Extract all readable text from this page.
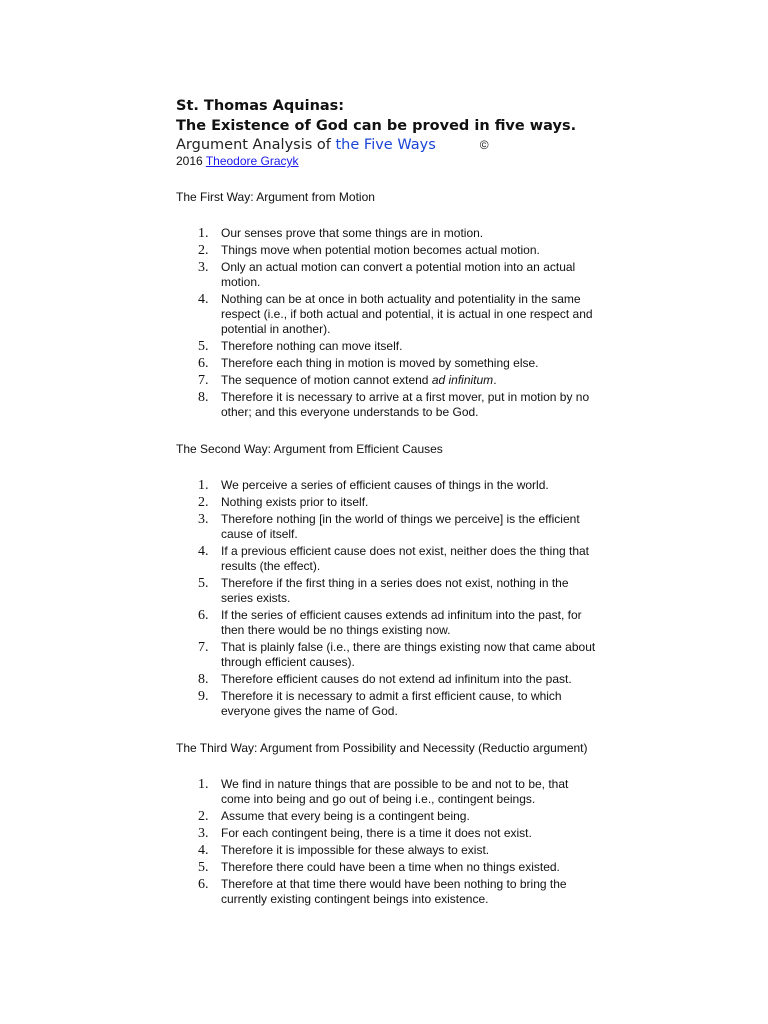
St. Thomas Aquinas:
The Existence of God can be proved in five ways.
Argument Analysis of the Five Ways	©
2016 Theodore Gracyk

The First Way: Argument from Motion

1. Our senses prove that some things are in motion.
2. Things move when potential motion becomes actual motion.
3. Only an actual motion can convert a potential motion into an actual motion.
4. Nothing can be at once in both actuality and potentiality in the same respect (i.e., if both actual and potential, it is actual in one respect and potential in another).
5. Therefore nothing can move itself.
6. Therefore each thing in motion is moved by something else.
7. The sequence of motion cannot extend ad infinitum.
8. Therefore it is necessary to arrive at a first mover, put in motion by no other; and this everyone understands to be God.

The Second Way: Argument from Efficient Causes

1. We perceive a series of efficient causes of things in the world.
2. Nothing exists prior to itself.
3. Therefore nothing [in the world of things we perceive] is the efficient cause of itself.
4. If a previous efficient cause does not exist, neither does the thing that results (the effect).
5. Therefore if the first thing in a series does not exist, nothing in the series exists.
6. If the series of efficient causes extends ad infinitum into the past, for then there would be no things existing now.
7. That is plainly false (i.e., there are things existing now that came about through efficient causes).
8. Therefore efficient causes do not extend ad infinitum into the past.
9. Therefore it is necessary to admit a first efficient cause, to which everyone gives the name of God.

The Third Way: Argument from Possibility and Necessity (Reductio argument)

1. We find in nature things that are possible to be and not to be, that come into being and go out of being i.e., contingent beings.
2. Assume that every being is a contingent being.
3. For each contingent being, there is a time it does not exist.
4. Therefore it is impossible for these always to exist.
5. Therefore there could have been a time when no things existed.
6. Therefore at that time there would have been nothing to bring the currently existing contingent beings into existence.
